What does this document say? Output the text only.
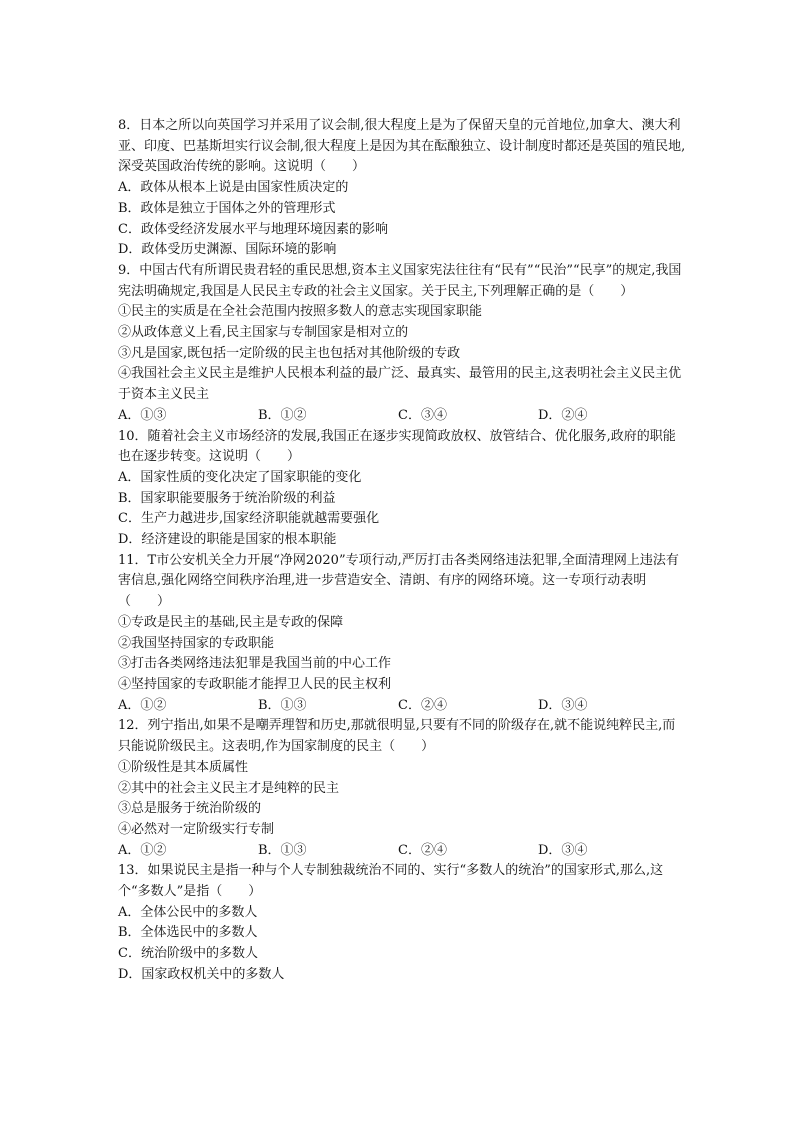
8．日本之所以向英国学习并采用了议会制,很大程度上是为了保留天皇的元首地位,加拿大、澳大利亚、印度、巴基斯坦实行议会制,很大程度上是因为其在酝酿独立、设计制度时都还是英国的殖民地,深受英国政治传统的影响。这说明（　　）

A．政体从根本上说是由国家性质决定的

B．政体是独立于国体之外的管理形式

C．政体受经济发展水平与地理环境因素的影响

D．政体受历史渊源、国际环境的影响

9．中国古代有所谓民贵君轻的重民思想,资本主义国家宪法往往有“民有”“民治”“民享”的规定,我国宪法明确规定,我国是人民民主专政的社会主义国家。关于民主,下列理解正确的是（　　）

①民主的实质是在全社会范围内按照多数人的意志实现国家职能

②从政体意义上看,民主国家与专制国家是相对立的

③凡是国家,既包括一定阶级的民主也包括对其他阶级的专政

④我国社会主义民主是维护人民根本利益的最广泛、最真实、最管用的民主,这表明社会主义民主优于资本主义民主

A．①③	B．①②	C．③④	D．②④

10．随着社会主义市场经济的发展,我国正在逐步实现简政放权、放管结合、优化服务,政府的职能也在逐步转变。这说明（　　）

A．国家性质的变化决定了国家职能的变化

B．国家职能要服务于统治阶级的利益

C．生产力越进步,国家经济职能就越需要强化

D．经济建设的职能是国家的根本职能

11．T市公安机关全力开展“净网2020”专项行动,严厉打击各类网络违法犯罪,全面清理网上违法有害信息,强化网络空间秩序治理,进一步营造安全、清朗、有序的网络环境。这一专项行动表明（　　）

①专政是民主的基础,民主是专政的保障

②我国坚持国家的专政职能

③打击各类网络违法犯罪是我国当前的中心工作

④坚持国家的专政职能才能捍卫人民的民主权利

A．①②	B．①③	C．②④	D．③④

12．列宁指出,如果不是嘲弄理智和历史,那就很明显,只要有不同的阶级存在,就不能说纯粹民主,而只能说阶级民主。这表明,作为国家制度的民主（　　）

①阶级性是其本质属性

②其中的社会主义民主才是纯粹的民主

③总是服务于统治阶级的

④必然对一定阶级实行专制

A．①②	B．①③	C．②④	D．③④

13．如果说民主是指一种与个人专制独裁统治不同的、实行“多数人的统治”的国家形式,那么,这个“多数人”是指（　　）

A．全体公民中的多数人

B．全体选民中的多数人

C．统治阶级中的多数人

D．国家政权机关中的多数人
